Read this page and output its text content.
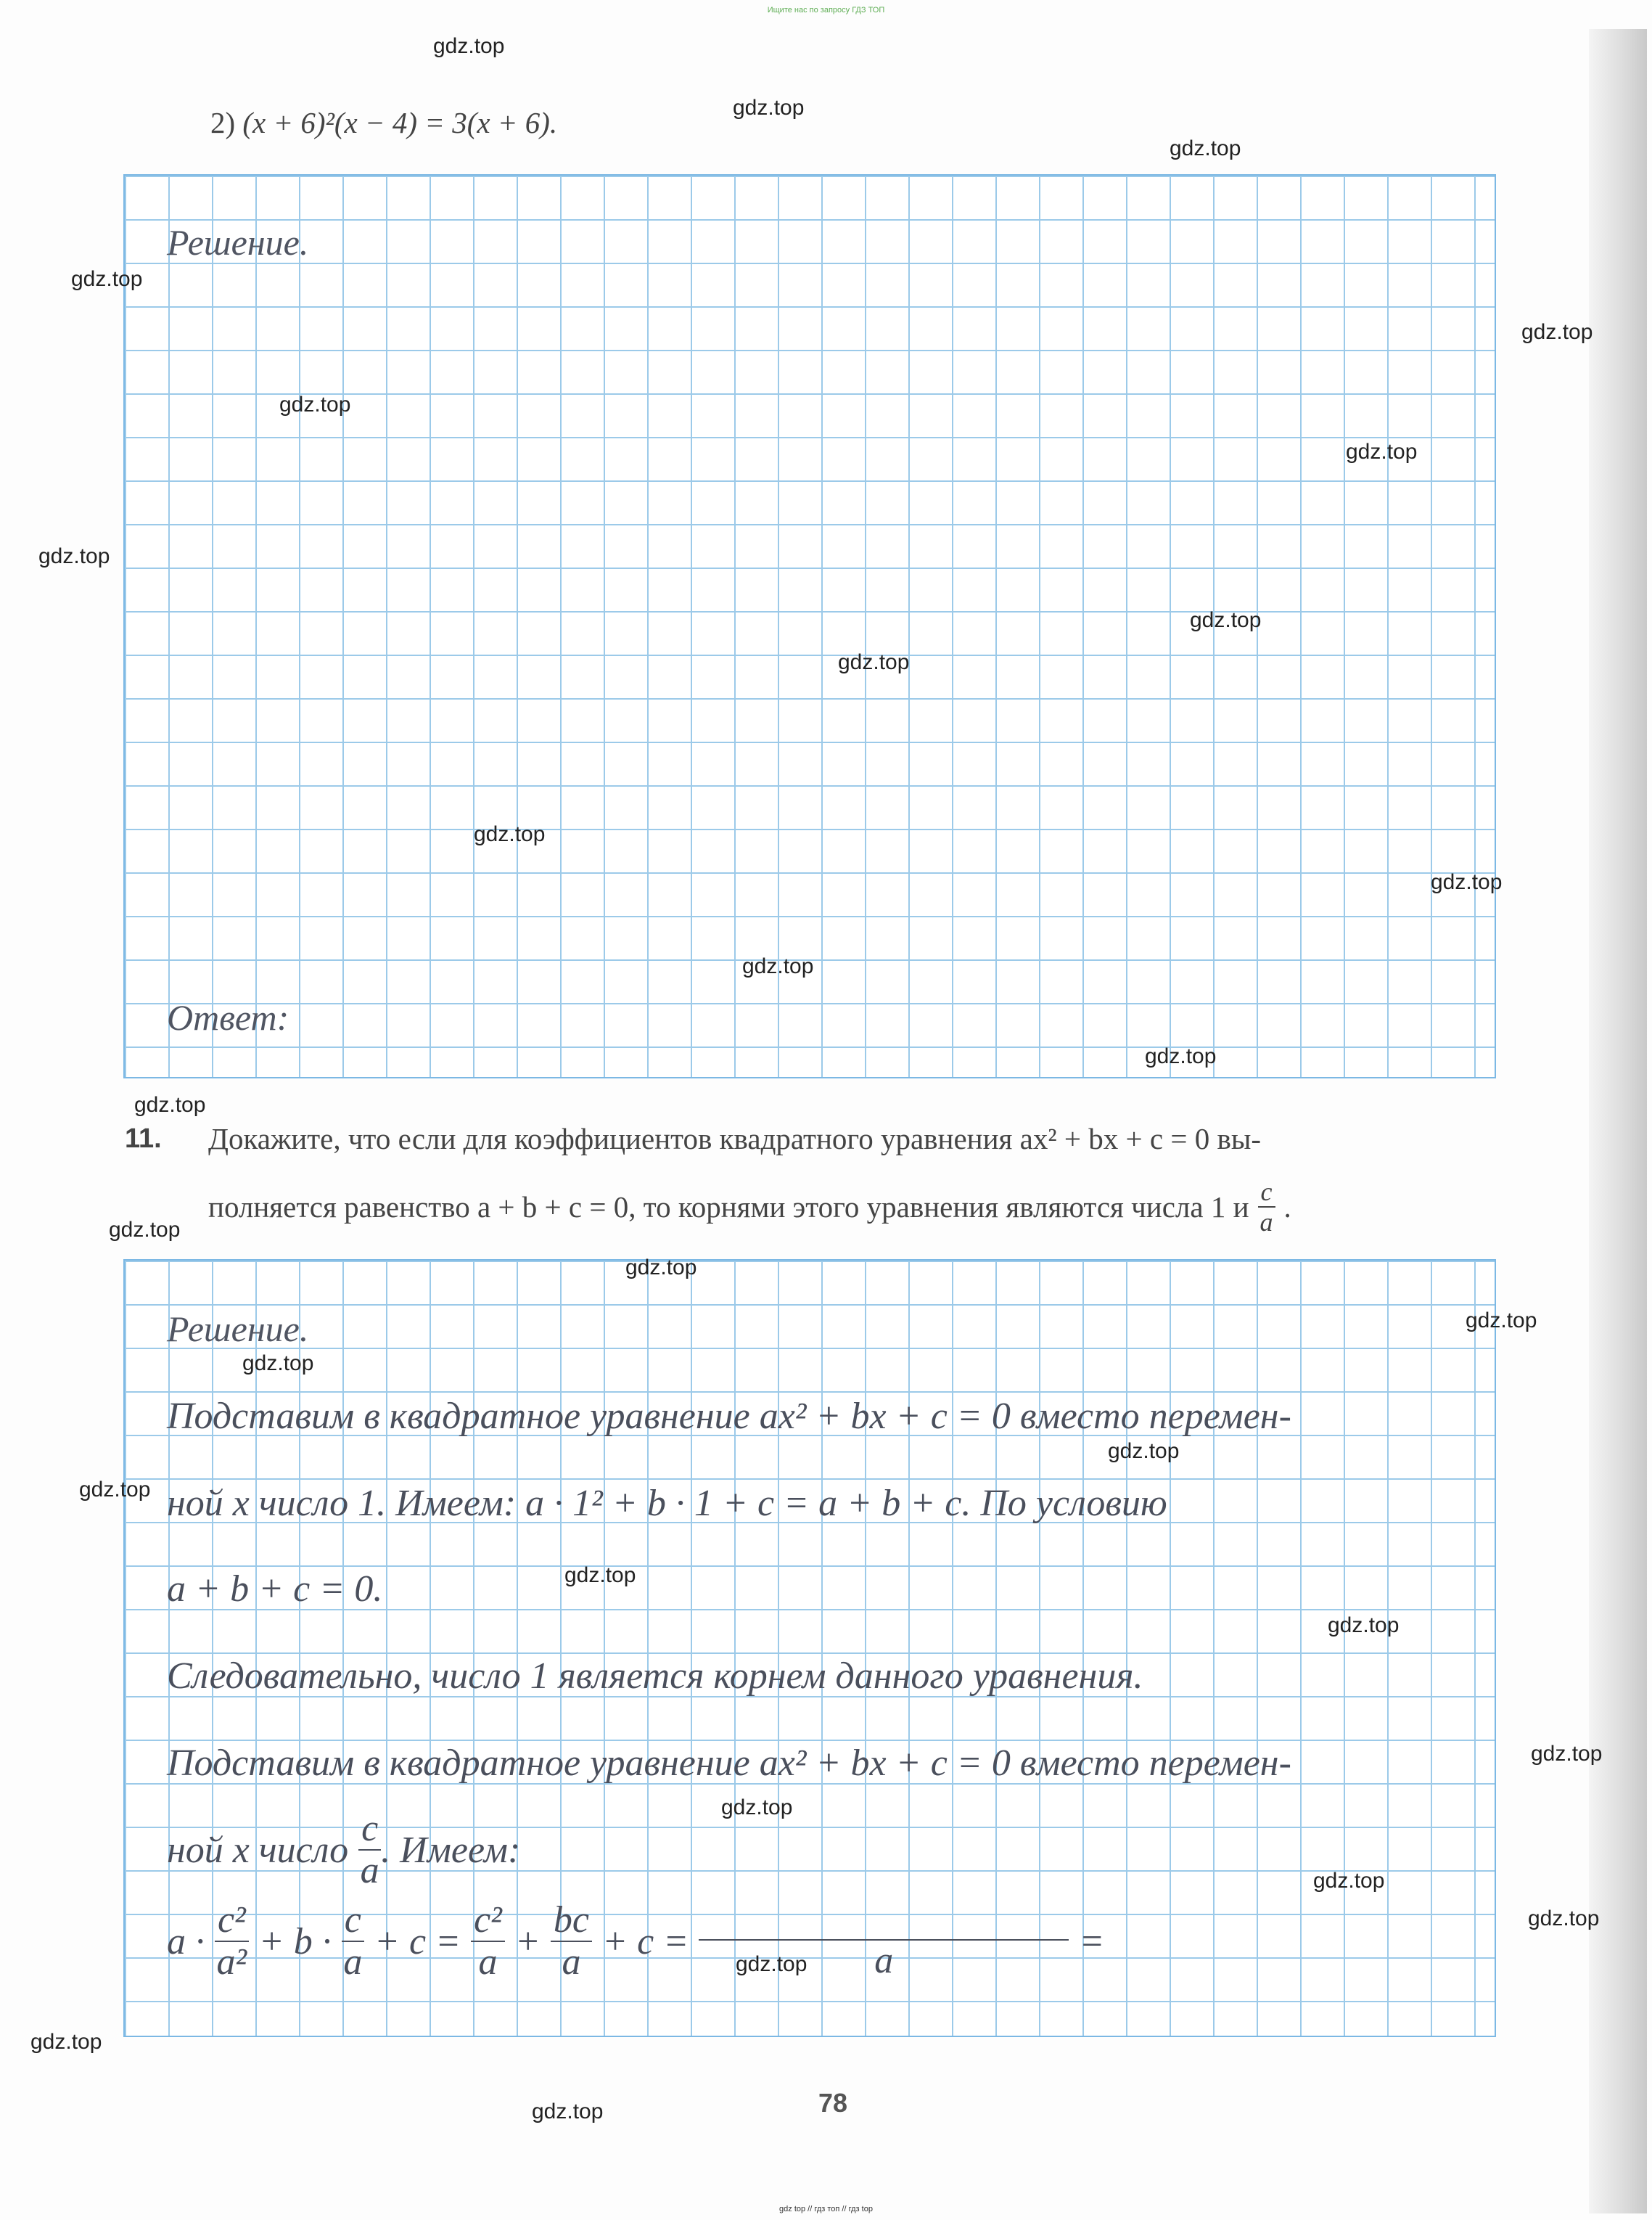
Ищите нас по запросу ГДЗ ТОП
2) (x + 6)²(x − 4) = 3(x + 6).
Решение.
Ответ:
11. Докажите, что если для коэффициентов квадратного уравнения ax² + bx + c = 0 вы-
полняется равенство a + b + c = 0, то корнями этого уравнения являются числа 1 и $\frac{c}{a}$ .
Решение.
Подставим в квадратное уравнение ax² + bx + c = 0 вместо перемен-
ной x число 1. Имеем: a · 1² + b · 1 + c = a + b + c. По условию
a + b + c = 0.
Следовательно, число 1 является корнем данного уравнения.
Подставим в квадратное уравнение ax² + bx + c = 0 вместо перемен-
ной x число $\frac{c}{a}$ . Имеем:
$a \cdot \frac{\text{c²}}{\text{a²}} + b \cdot \frac{c}{a} + c = \frac{\text{c²}}{a} + \frac{bc}{a} + c$ =	a	=
78
gdz.top
gdz.top
gdz.top
gdz.top
gdz.top
gdz.top
gdz.top
gdz.top
gdz.top
gdz.top
gdz.top
gdz.top
gdz.top
gdz.top
gdz.top
gdz.top
gdz.top
gdz.top
gdz.top
gdz.top
gdz.top
gdz.top
gdz.top
gdz.top
gdz.top
gdz.top
gdz.top
gdz.top
gdz.top
gdz.top
gdz top // гдз топ // гдз top
